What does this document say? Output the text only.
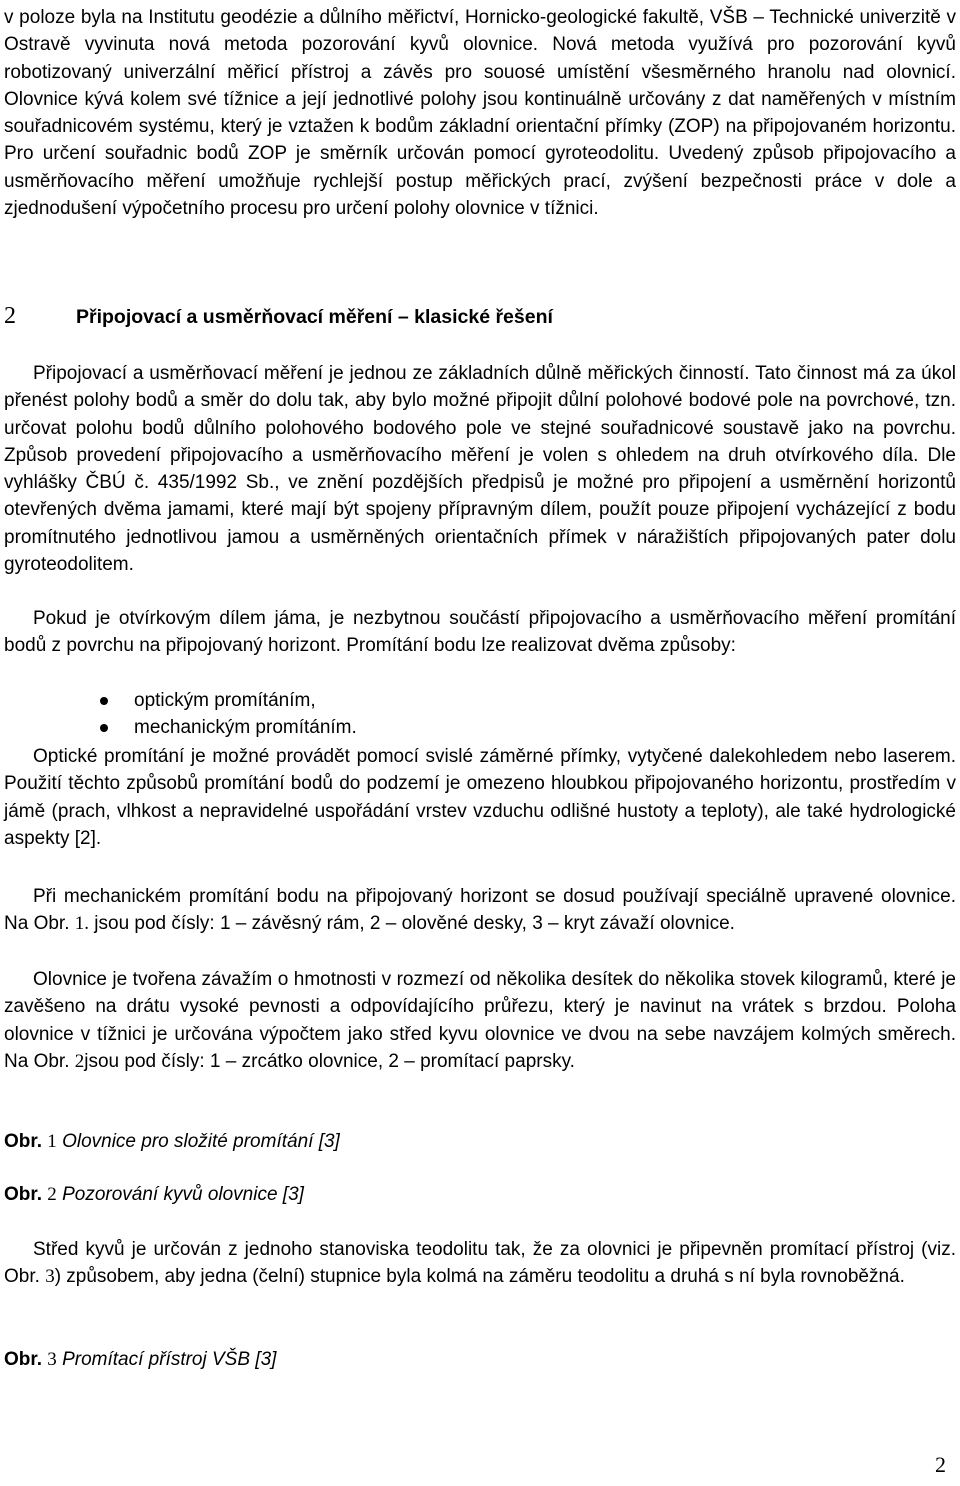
v poloze byla na Institutu geodézie a důlního měřictví, Hornicko-geologické fakultě, VŠB – Technické univerzitě v Ostravě vyvinuta nová metoda pozorování kyvů olovnice. Nová metoda využívá pro pozorování kyvů robotizovaný univerzální měřicí přístroj a závěs pro souosé umístění všesměrného hranolu nad olovnicí. Olovnice kývá kolem své tížnice a její jednotlivé polohy jsou kontinuálně určovány z dat naměřených v místním souřadnicovém systému, který je vztažen k bodům základní orientační přímky (ZOP) na připojovaném horizontu. Pro určení souřadnic bodů ZOP je směrník určován pomocí gyroteodolitu. Uvedený způsob připojovacího a usměrňovacího měření umožňuje rychlejší postup měřických prací, zvýšení bezpečnosti práce v dole a zjednodušení výpočetního procesu pro určení polohy olovnice v tížnici.

2	Připojovací a usměrňovací měření – klasické řešení

Připojovací a usměrňovací měření je jednou ze základních důlně měřických činností. Tato činnost má za úkol přenést polohy bodů a směr do dolu tak, aby bylo možné připojit důlní polohové bodové pole na povrchové, tzn. určovat polohu bodů důlního polohového bodového pole ve stejné souřadnicové soustavě jako na povrchu. Způsob provedení připojovacího a usměrňovacího měření je volen s ohledem na druh otvírkového díla. Dle vyhlášky ČBÚ č. 435/1992 Sb., ve znění pozdějších předpisů je možné pro připojení a usměrnění horizontů otevřených dvěma jamami, které mají být spojeny přípravným dílem, použít pouze připojení vycházející z bodu promítnutého jednotlivou jamou a usměrněných orientačních přímek v náražištích připojovaných pater dolu gyroteodolitem.

Pokud je otvírkovým dílem jáma, je nezbytnou součástí připojovacího a usměrňovacího měření promítání bodů z povrchu na připojovaný horizont. Promítání bodu lze realizovat dvěma způsoby:

optickým promítáním,
mechanickým promítáním.

Optické promítání je možné provádět pomocí svislé záměrné přímky, vytyčené dalekohledem nebo laserem. Použití těchto způsobů promítání bodů do podzemí je omezeno hloubkou připojovaného horizontu, prostředím v jámě (prach, vlhkost a nepravidelné uspořádání vrstev vzduchu odlišné hustoty a teploty), ale také hydrologické aspekty [2].

Při mechanickém promítání bodu na připojovaný horizont se dosud používají speciálně upravené olovnice. Na Obr. 1. jsou pod čísly: 1 – závěsný rám, 2 – olověné desky, 3 – kryt závaží olovnice.

Olovnice je tvořena závažím o hmotnosti v rozmezí od několika desítek do několika stovek kilogramů, které je zavěšeno na drátu vysoké pevnosti a odpovídajícího průřezu, který je navinut na vrátek s brzdou. Poloha olovnice v tížnici je určována výpočtem jako střed kyvu olovnice ve dvou na sebe navzájem kolmých směrech. Na Obr. 2jsou pod čísly: 1 – zrcátko olovnice, 2 – promítací paprsky.

Obr. 1 Olovnice pro složité promítání [3]

Obr. 2 Pozorování kyvů olovnice [3]

Střed kyvů je určován z jednoho stanoviska teodolitu tak, že za olovnici je připevněn promítací přístroj (viz. Obr. 3) způsobem, aby jedna (čelní) stupnice byla kolmá na záměru teodolitu a druhá s ní byla rovnoběžná.

Obr. 3 Promítací přístroj VŠB [3]

2
